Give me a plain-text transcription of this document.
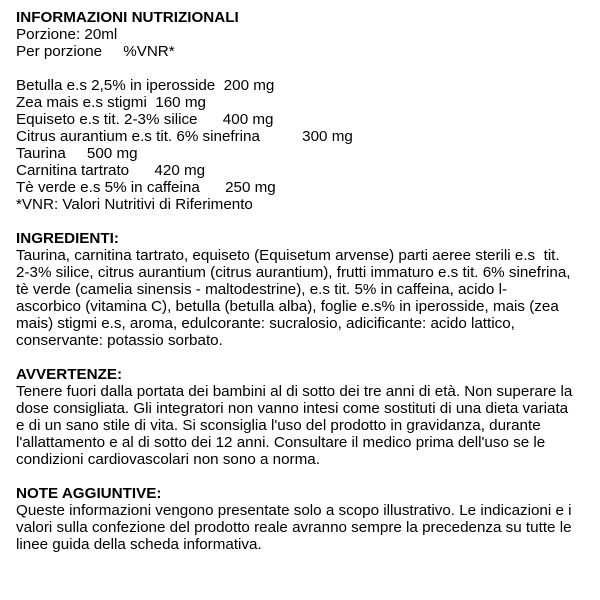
INFORMAZIONI NUTRIZIONALI
Porzione: 20ml
Per porzione     %VNR*
Betulla e.s 2,5% in iperosside  200 mg
Zea mais e.s stigmi  160 mg
Equiseto e.s tit. 2-3% silice      400 mg
Citrus aurantium e.s tit. 6% sinefrina          300 mg
Taurina     500 mg
Carnitina tartrato      420 mg
Tè verde e.s 5% in caffeina      250 mg
*VNR: Valori Nutritivi di Riferimento
INGREDIENTI:
Taurina, carnitina tartrato, equiseto (Equisetum arvense) parti aeree sterili e.s  tit.
2-3% silice, citrus aurantium (citrus aurantium), frutti immaturo e.s tit. 6% sinefrina,
tè verde (camelia sinensis - maltodestrine), e.s tit. 5% in caffeina, acido l-
ascorbico (vitamina C), betulla (betulla alba), foglie e.s% in iperosside, mais (zea
mais) stigmi e.s, aroma, edulcorante: sucralosio, adicificante: acido lattico,
conservante: potassio sorbato.
AVVERTENZE:
Tenere fuori dalla portata dei bambini al di sotto dei tre anni di età. Non superare la
dose consigliata. Gli integratori non vanno intesi come sostituti di una dieta variata
e di un sano stile di vita. Si sconsiglia l'uso del prodotto in gravidanza, durante
l'allattamento e al di sotto dei 12 anni. Consultare il medico prima dell'uso se le
condizioni cardiovascolari non sono a norma.
NOTE AGGIUNTIVE:
Queste informazioni vengono presentate solo a scopo illustrativo. Le indicazioni e i
valori sulla confezione del prodotto reale avranno sempre la precedenza su tutte le
linee guida della scheda informativa.
